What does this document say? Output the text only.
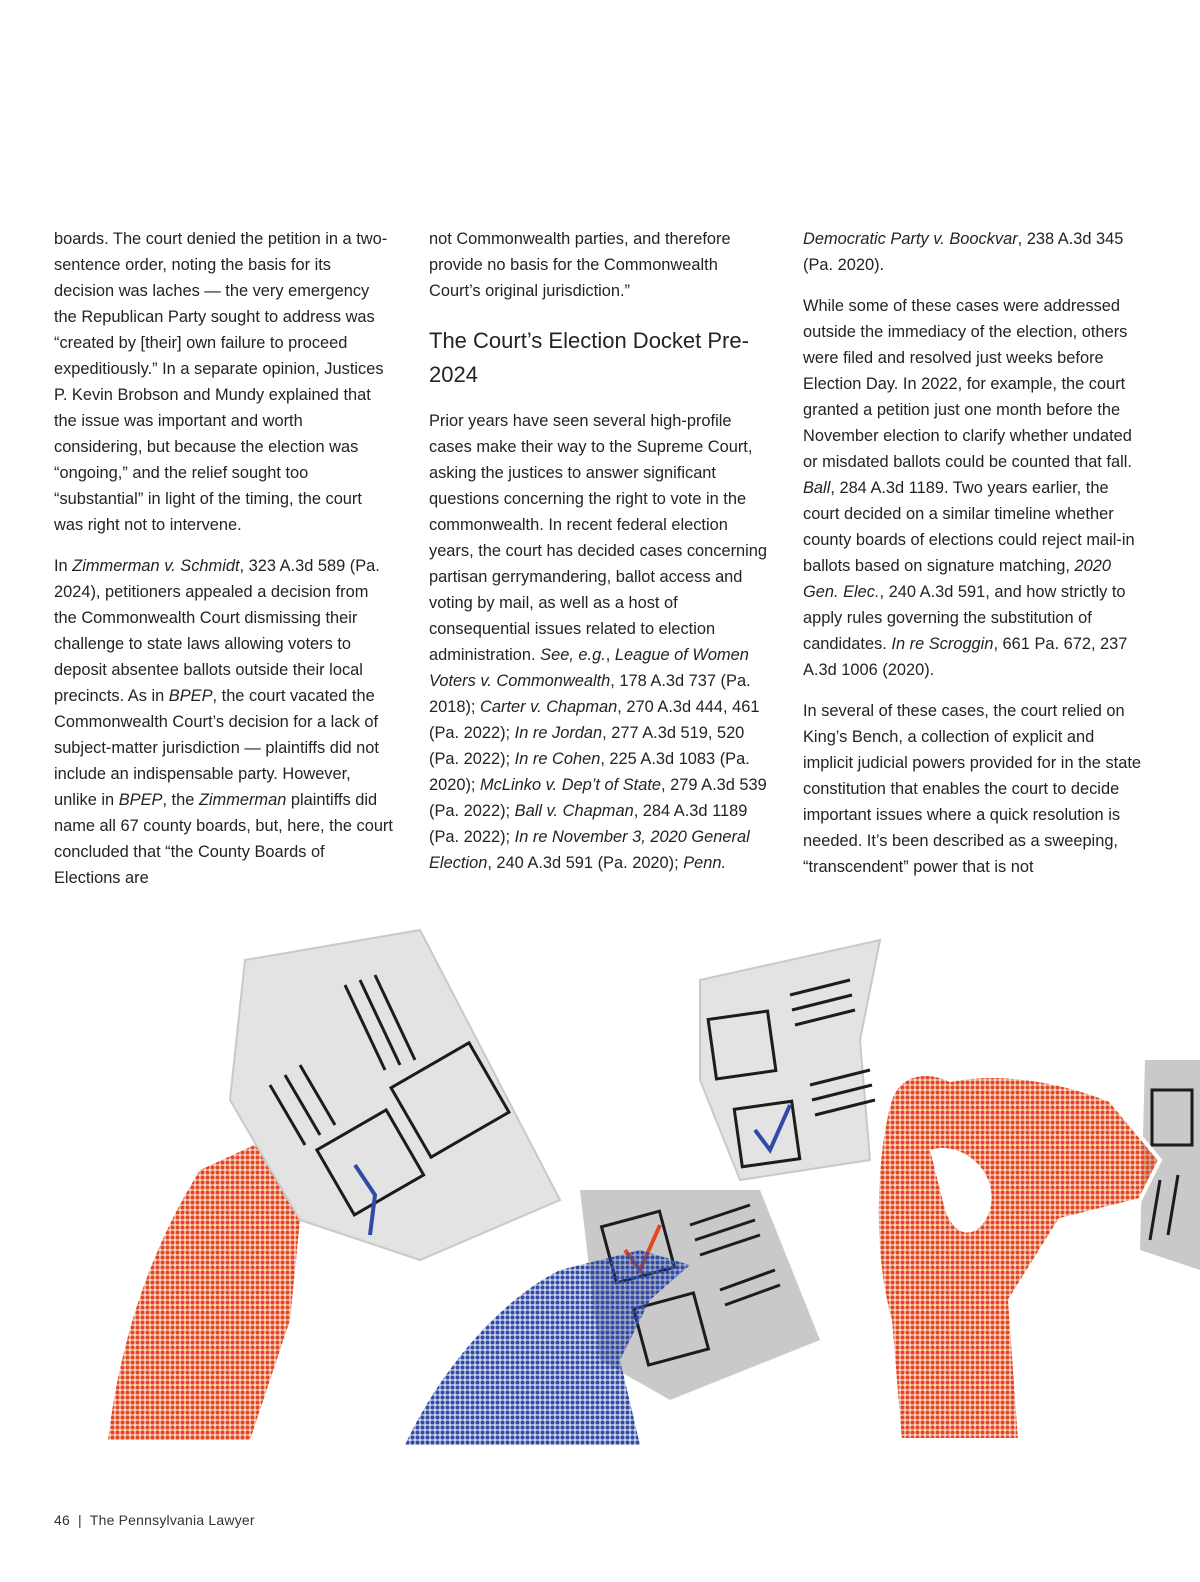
boards. The court denied the petition in a two-sentence order, noting the basis for its decision was laches — the very emergency the Republican Party sought to address was “created by [their] own failure to proceed expeditiously.” In a separate opinion, Justices P. Kevin Brobson and Mundy explained that the issue was important and worth considering, but because the election was “ongoing,” and the relief sought too “substantial” in light of the timing, the court was right not to intervene.

In Zimmerman v. Schmidt, 323 A.3d 589 (Pa. 2024), petitioners appealed a decision from the Commonwealth Court dismissing their challenge to state laws allowing voters to deposit absentee ballots outside their local precincts. As in BPEP, the court vacated the Commonwealth Court’s decision for a lack of subject-matter jurisdiction — plaintiffs did not include an indispensable party. However, unlike in BPEP, the Zimmerman plaintiffs did name all 67 county boards, but, here, the court concluded that “the County Boards of Elections are

not Commonwealth parties, and therefore provide no basis for the Commonwealth Court’s original jurisdiction.”

The Court’s Election Docket Pre-2024

Prior years have seen several high-profile cases make their way to the Supreme Court, asking the justices to answer significant questions concerning the right to vote in the commonwealth. In recent federal election years, the court has decided cases concerning partisan gerrymandering, ballot access and voting by mail, as well as a host of consequential issues related to election administration. See, e.g., League of Women Voters v. Commonwealth, 178 A.3d 737 (Pa. 2018); Carter v. Chapman, 270 A.3d 444, 461 (Pa. 2022); In re Jordan, 277 A.3d 519, 520 (Pa. 2022); In re Cohen, 225 A.3d 1083 (Pa. 2020); McLinko v. Dep’t of State, 279 A.3d 539 (Pa. 2022); Ball v. Chapman, 284 A.3d 1189 (Pa. 2022); In re November 3, 2020 General Election, 240 A.3d 591 (Pa. 2020); Penn.

Democratic Party v. Boockvar, 238 A.3d 345 (Pa. 2020).

While some of these cases were addressed outside the immediacy of the election, others were filed and resolved just weeks before Election Day. In 2022, for example, the court granted a petition just one month before the November election to clarify whether undated or misdated ballots could be counted that fall. Ball, 284 A.3d 1189. Two years earlier, the court decided on a similar timeline whether county boards of elections could reject mail-in ballots based on signature matching, 2020 Gen. Elec., 240 A.3d 591, and how strictly to apply rules governing the substitution of candidates. In re Scroggin, 661 Pa. 672, 237 A.3d 1006 (2020).

In several of these cases, the court relied on King’s Bench, a collection of explicit and implicit judicial powers provided for in the state constitution that enables the court to decide important issues where a quick resolution is needed. It’s been described as a sweeping, “transcendent” power that is not

46 | The Pennsylvania Lawyer
